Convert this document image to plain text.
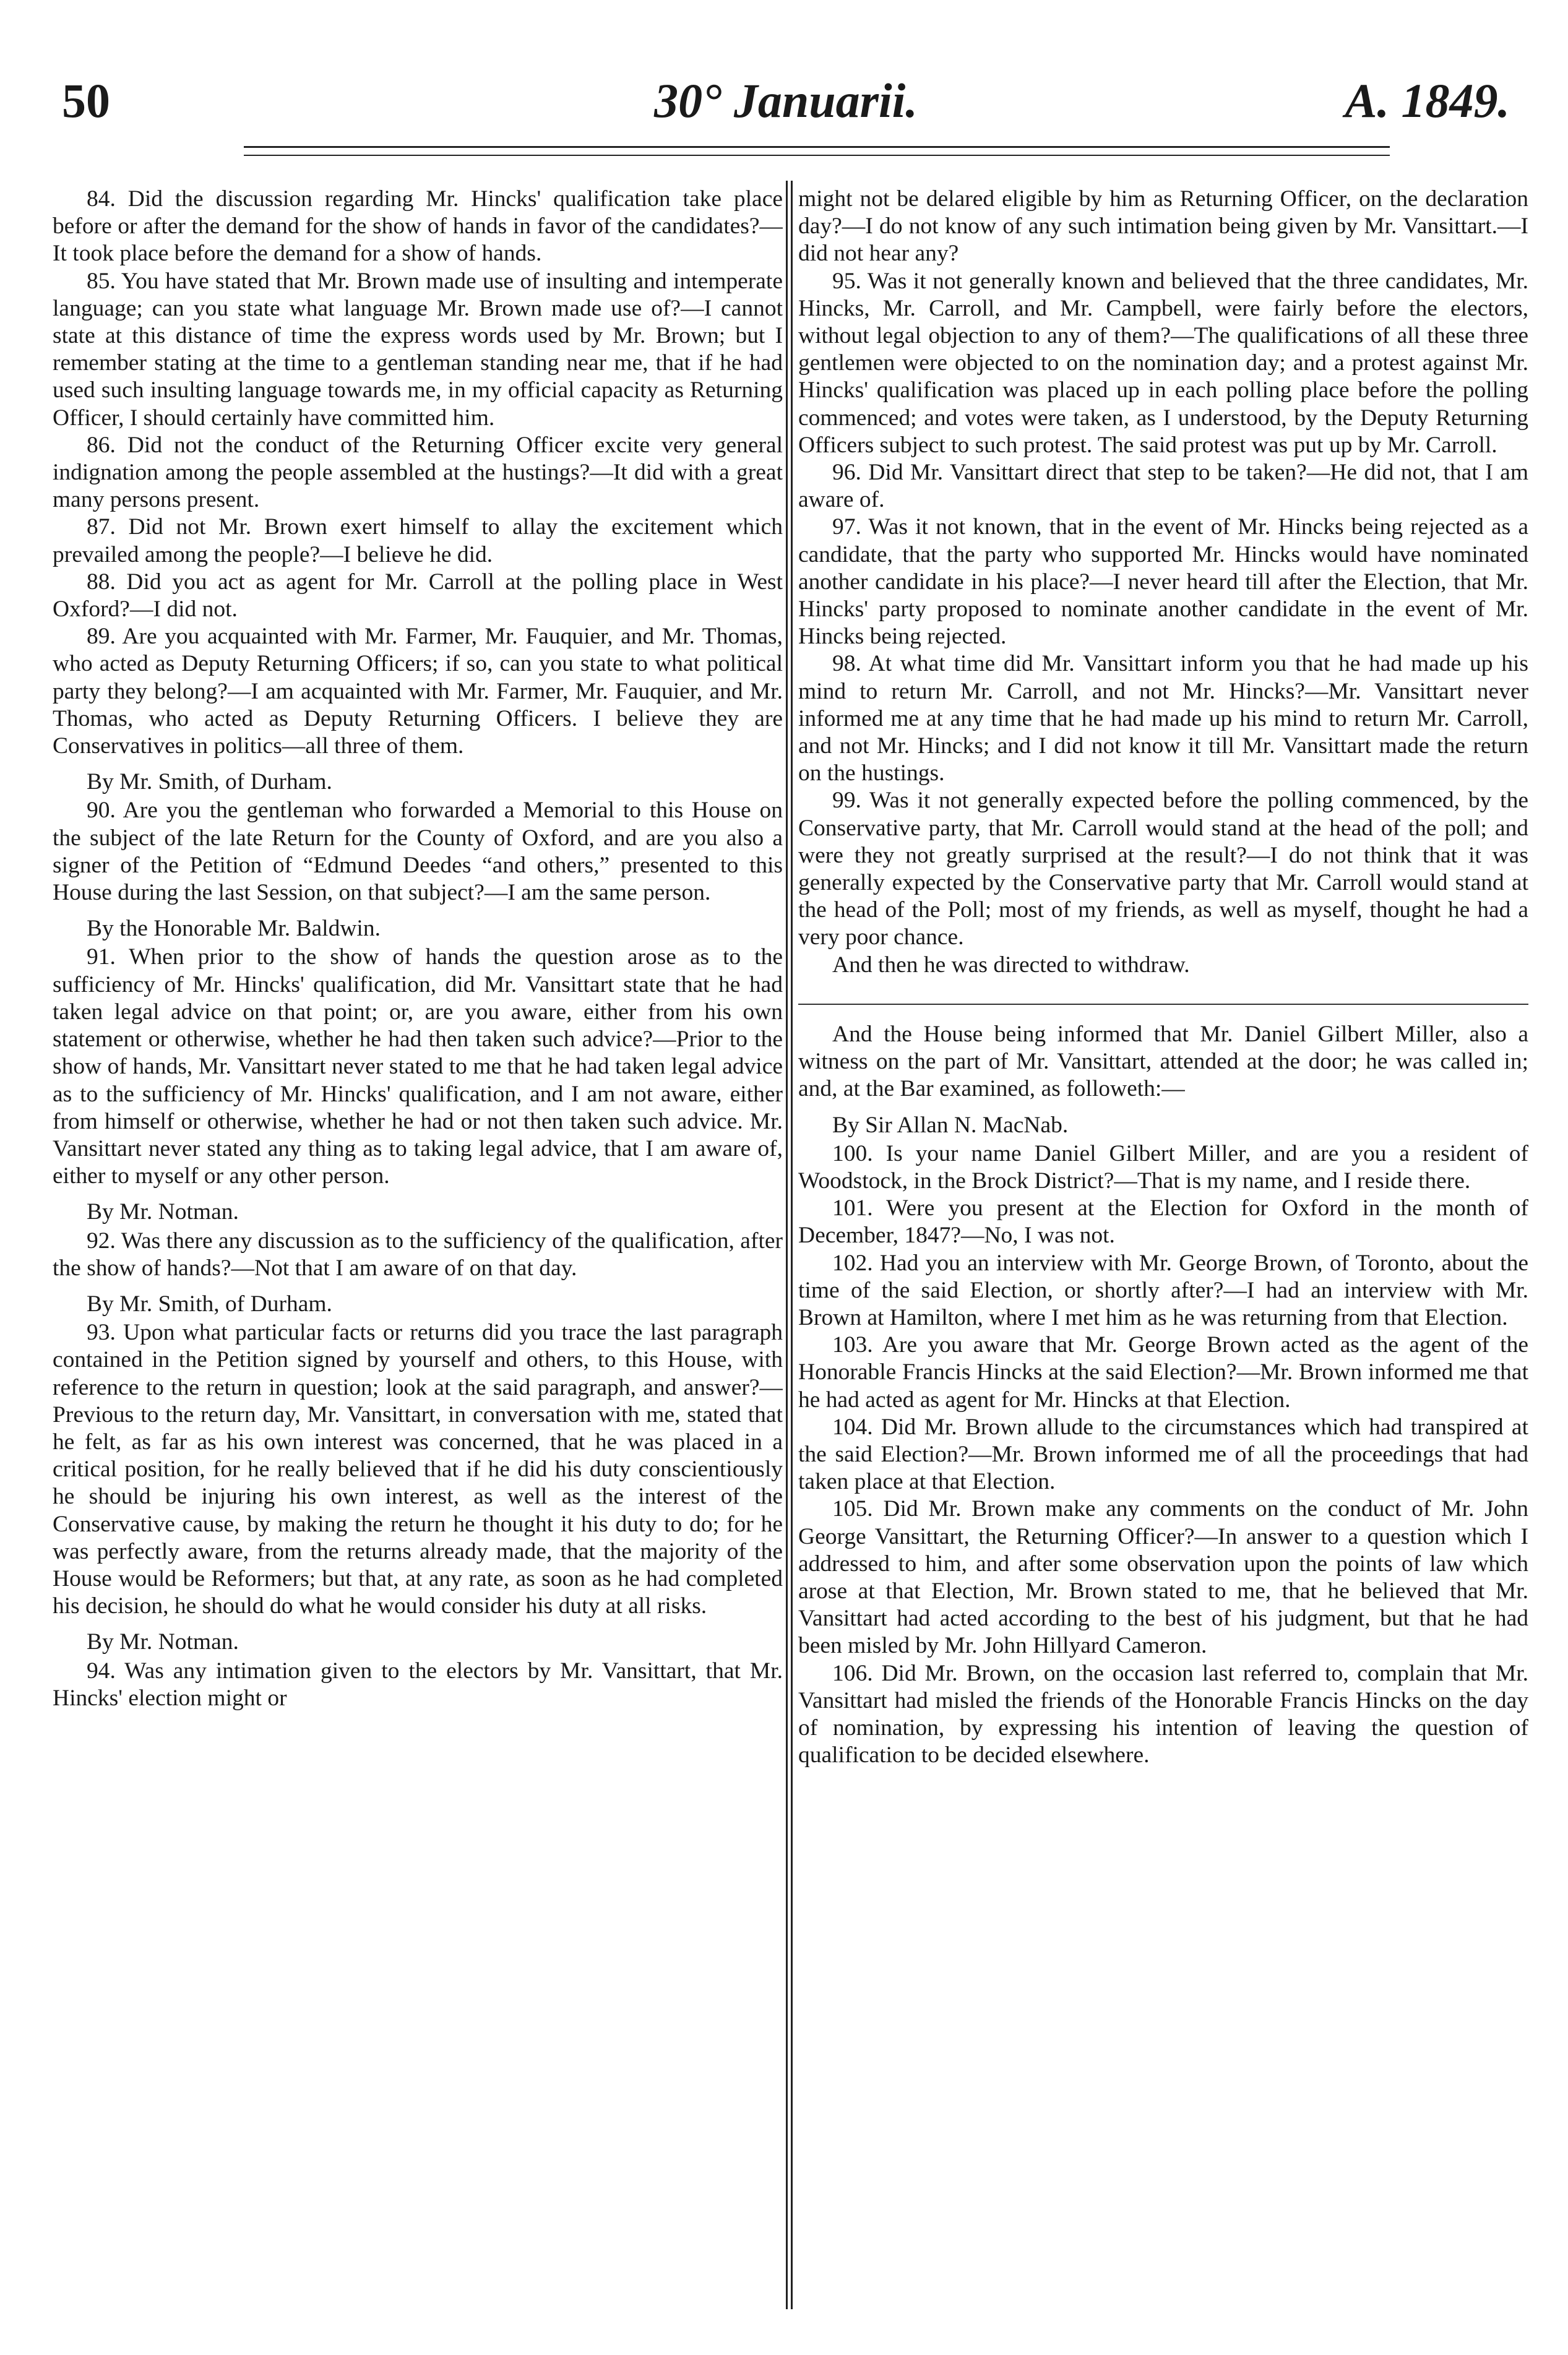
50	30° Januarii.	A. 1849.

84. Did the discussion regarding Mr. Hincks' qualification take place before or after the demand for the show of hands in favor of the candidates?—It took place before the demand for a show of hands.

85. You have stated that Mr. Brown made use of insulting and intemperate language; can you state what language Mr. Brown made use of?—I cannot state at this distance of time the express words used by Mr. Brown; but I remember stating at the time to a gentleman standing near me, that if he had used such insulting language towards me, in my official capacity as Returning Officer, I should certainly have committed him.

86. Did not the conduct of the Returning Officer excite very general indignation among the people assembled at the hustings?—It did with a great many persons present.

87. Did not Mr. Brown exert himself to allay the excitement which prevailed among the people?—I believe he did.

88. Did you act as agent for Mr. Carroll at the polling place in West Oxford?—I did not.

89. Are you acquainted with Mr. Farmer, Mr. Fauquier, and Mr. Thomas, who acted as Deputy Returning Officers; if so, can you state to what political party they belong?—I am acquainted with Mr. Farmer, Mr. Fauquier, and Mr. Thomas, who acted as Deputy Returning Officers. I believe they are Conservatives in politics—all three of them.

By Mr. Smith, of Durham.

90. Are you the gentleman who forwarded a Memorial to this House on the subject of the late Return for the County of Oxford, and are you also a signer of the Petition of “Edmund Deedes “and others,” presented to this House during the last Session, on that subject?—I am the same person.

By the Honorable Mr. Baldwin.

91. When prior to the show of hands the question arose as to the sufficiency of Mr. Hincks' qualification, did Mr. Vansittart state that he had taken legal advice on that point; or, are you aware, either from his own statement or otherwise, whether he had then taken such advice?—Prior to the show of hands, Mr. Vansittart never stated to me that he had taken legal advice as to the sufficiency of Mr. Hincks' qualification, and I am not aware, either from himself or otherwise, whether he had or not then taken such advice. Mr. Vansittart never stated any thing as to taking legal advice, that I am aware of, either to myself or any other person.

By Mr. Notman.

92. Was there any discussion as to the sufficiency of the qualification, after the show of hands?—Not that I am aware of on that day.

By Mr. Smith, of Durham.

93. Upon what particular facts or returns did you trace the last paragraph contained in the Petition signed by yourself and others, to this House, with reference to the return in question; look at the said paragraph, and answer?—Previous to the return day, Mr. Vansittart, in conversation with me, stated that he felt, as far as his own interest was concerned, that he was placed in a critical position, for he really believed that if he did his duty conscientiously he should be injuring his own interest, as well as the interest of the Conservative cause, by making the return he thought it his duty to do; for he was perfectly aware, from the returns already made, that the majority of the House would be Reformers; but that, at any rate, as soon as he had completed his decision, he should do what he would consider his duty at all risks.

By Mr. Notman.

94. Was any intimation given to the electors by Mr. Vansittart, that Mr. Hincks' election might or

might not be delared eligible by him as Returning Officer, on the declaration day?—I do not know of any such intimation being given by Mr. Vansittart.—I did not hear any?

95. Was it not generally known and believed that the three candidates, Mr. Hincks, Mr. Carroll, and Mr. Campbell, were fairly before the electors, without legal objection to any of them?—The qualifications of all these three gentlemen were objected to on the nomination day; and a protest against Mr. Hincks' qualification was placed up in each polling place before the polling commenced; and votes were taken, as I understood, by the Deputy Returning Officers subject to such protest. The said protest was put up by Mr. Carroll.

96. Did Mr. Vansittart direct that step to be taken?—He did not, that I am aware of.

97. Was it not known, that in the event of Mr. Hincks being rejected as a candidate, that the party who supported Mr. Hincks would have nominated another candidate in his place?—I never heard till after the Election, that Mr. Hincks' party proposed to nominate another candidate in the event of Mr. Hincks being rejected.

98. At what time did Mr. Vansittart inform you that he had made up his mind to return Mr. Carroll, and not Mr. Hincks?—Mr. Vansittart never informed me at any time that he had made up his mind to return Mr. Carroll, and not Mr. Hincks; and I did not know it till Mr. Vansittart made the return on the hustings.

99. Was it not generally expected before the polling commenced, by the Conservative party, that Mr. Carroll would stand at the head of the poll; and were they not greatly surprised at the result?—I do not think that it was generally expected by the Conservative party that Mr. Carroll would stand at the head of the Poll; most of my friends, as well as myself, thought he had a very poor chance.

And then he was directed to withdraw.

And the House being informed that Mr. Daniel Gilbert Miller, also a witness on the part of Mr. Vansittart, attended at the door; he was called in; and, at the Bar examined, as followeth:—

By Sir Allan N. MacNab.

100. Is your name Daniel Gilbert Miller, and are you a resident of Woodstock, in the Brock District?—That is my name, and I reside there.

101. Were you present at the Election for Oxford in the month of December, 1847?—No, I was not.

102. Had you an interview with Mr. George Brown, of Toronto, about the time of the said Election, or shortly after?—I had an interview with Mr. Brown at Hamilton, where I met him as he was returning from that Election.

103. Are you aware that Mr. George Brown acted as the agent of the Honorable Francis Hincks at the said Election?—Mr. Brown informed me that he had acted as agent for Mr. Hincks at that Election.

104. Did Mr. Brown allude to the circumstances which had transpired at the said Election?—Mr. Brown informed me of all the proceedings that had taken place at that Election.

105. Did Mr. Brown make any comments on the conduct of Mr. John George Vansittart, the Returning Officer?—In answer to a question which I addressed to him, and after some observation upon the points of law which arose at that Election, Mr. Brown stated to me, that he believed that Mr. Vansittart had acted according to the best of his judgment, but that he had been misled by Mr. John Hillyard Cameron.

106. Did Mr. Brown, on the occasion last referred to, complain that Mr. Vansittart had misled the friends of the Honorable Francis Hincks on the day of nomination, by expressing his intention of leaving the question of qualification to be decided elsewhere.
